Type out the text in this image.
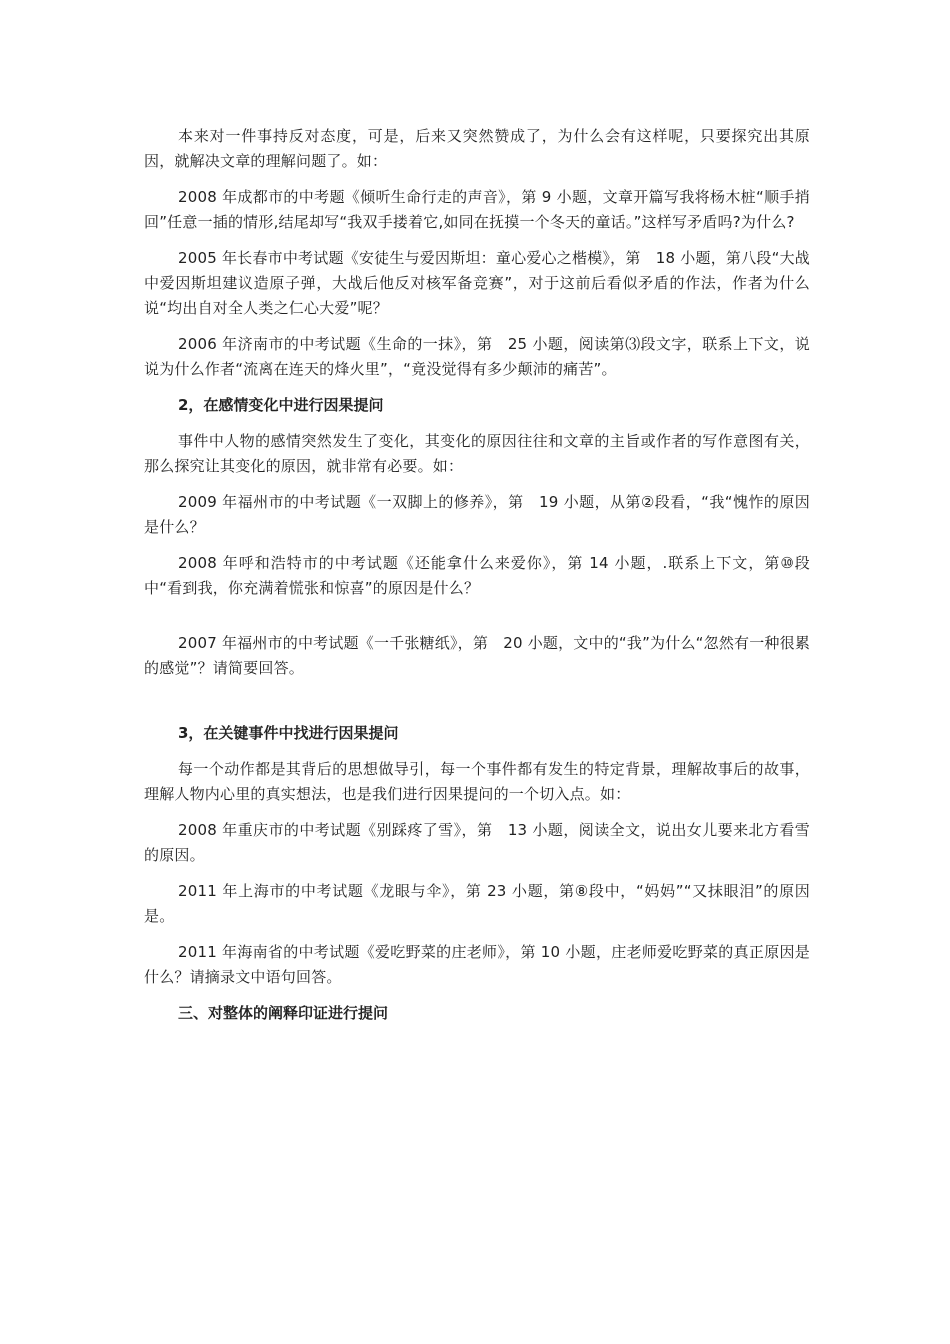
本来对一件事持反对态度，可是，后来又突然赞成了，为什么会有这样呢，只要探究出其原因，就解决文章的理解问题了。如：

2008 年成都市的中考题《倾听生命行走的声音》，第 9 小题，文章开篇写我将杨木桩“顺手捎回”任意一插的情形,结尾却写“我双手搂着它,如同在抚摸一个冬天的童话。”这样写矛盾吗?为什么?

2005 年长春市中考试题《安徒生与爱因斯坦：童心爱心之楷模》，第　18 小题，第八段“大战中爱因斯坦建议造原子弹，大战后他反对核军备竞赛”，对于这前后看似矛盾的作法，作者为什么说“均出自对全人类之仁心大爱”呢？

2006 年济南市的中考试题《生命的一抹》，第　25 小题，阅读第⑶段文字，联系上下文，说说为什么作者“流离在连天的烽火里”，“竟没觉得有多少颠沛的痛苦”。

2，在感情变化中进行因果提问

事件中人物的感情突然发生了变化，其变化的原因往往和文章的主旨或作者的写作意图有关，那么探究让其变化的原因，就非常有必要。如：

2009 年福州市的中考试题《一双脚上的修养》，第　19 小题，从第②段看，“我“愧怍的原因是什么？

2008 年呼和浩特市的中考试题《还能拿什么来爱你》，第 14 小题，.联系上下文，第⑩段中“看到我，你充满着慌张和惊喜”的原因是什么？

2007 年福州市的中考试题《一千张糖纸》，第　20 小题，文中的“我”为什么“忽然有一种很累的感觉”？请简要回答。

3，在关键事件中找进行因果提问

每一个动作都是其背后的思想做导引，每一个事件都有发生的特定背景，理解故事后的故事，理解人物内心里的真实想法，也是我们进行因果提问的一个切入点。如：

2008 年重庆市的中考试题《别踩疼了雪》，第　13 小题，阅读全文，说出女儿要来北方看雪的原因。

2011 年上海市的中考试题《龙眼与伞》，第 23 小题，第⑧段中，“妈妈”“又抹眼泪”的原因是。

2011 年海南省的中考试题《爱吃野菜的庄老师》，第 10 小题，庄老师爱吃野菜的真正原因是什么？请摘录文中语句回答。

三、对整体的阐释印证进行提问
